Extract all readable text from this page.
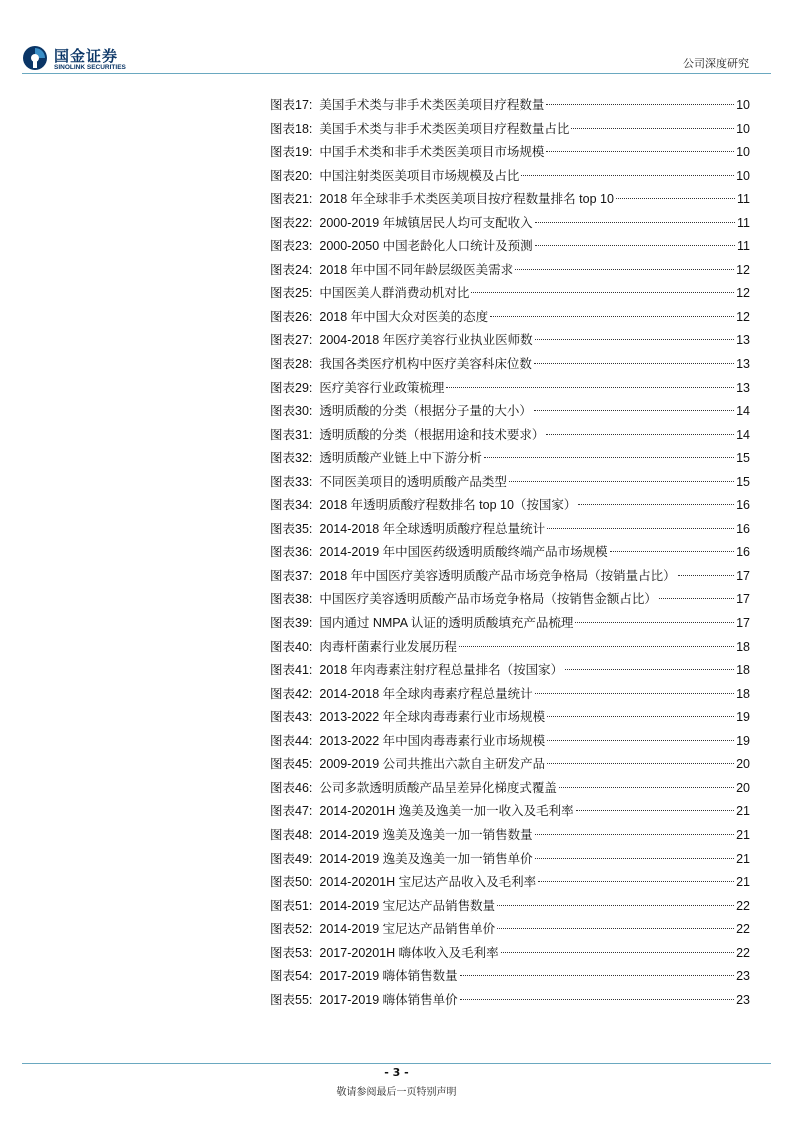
国金证券
SINOLINK SECURITIES	公司深度研究
图表17: 美国手术类与非手术类医美项目疗程数量	10
图表18: 美国手术类与非手术类医美项目疗程数量占比	10
图表19: 中国手术类和非手术类医美项目市场规模	10
图表20: 中国注射类医美项目市场规模及占比	10
图表21: 2018 年全球非手术类医美项目按疗程数量排名 top 10	11
图表22: 2000-2019 年城镇居民人均可支配收入	11
图表23: 2000-2050 中国老龄化人口统计及预测	11
图表24: 2018 年中国不同年龄层级医美需求	12
图表25: 中国医美人群消费动机对比	12
图表26: 2018 年中国大众对医美的态度	12
图表27: 2004-2018 年医疗美容行业执业医师数	13
图表28: 我国各类医疗机构中医疗美容科床位数	13
图表29: 医疗美容行业政策梳理	13
图表30: 透明质酸的分类（根据分子量的大小）	14
图表31: 透明质酸的分类（根据用途和技术要求）	14
图表32: 透明质酸产业链上中下游分析	15
图表33: 不同医美项目的透明质酸产品类型	15
图表34: 2018 年透明质酸疗程数排名 top 10（按国家）	16
图表35: 2014-2018 年全球透明质酸疗程总量统计	16
图表36: 2014-2019 年中国医药级透明质酸终端产品市场规模	16
图表37: 2018 年中国医疗美容透明质酸产品市场竞争格局（按销量占比）	17
图表38: 中国医疗美容透明质酸产品市场竞争格局（按销售金额占比）	17
图表39: 国内通过 NMPA 认证的透明质酸填充产品梳理	17
图表40: 肉毒杆菌素行业发展历程	18
图表41: 2018 年肉毒素注射疗程总量排名（按国家）	18
图表42: 2014-2018 年全球肉毒素疗程总量统计	18
图表43: 2013-2022 年全球肉毒毒素行业市场规模	19
图表44: 2013-2022 年中国肉毒毒素行业市场规模	19
图表45: 2009-2019 公司共推出六款自主研发产品	20
图表46: 公司多款透明质酸产品呈差异化梯度式覆盖	20
图表47: 2014-20201H 逸美及逸美一加一收入及毛利率	21
图表48: 2014-2019 逸美及逸美一加一销售数量	21
图表49: 2014-2019 逸美及逸美一加一销售单价	21
图表50: 2014-20201H 宝尼达产品收入及毛利率	21
图表51: 2014-2019 宝尼达产品销售数量	22
图表52: 2014-2019 宝尼达产品销售单价	22
图表53: 2017-20201H 嗨体收入及毛利率	22
图表54: 2017-2019 嗨体销售数量	23
图表55: 2017-2019 嗨体销售单价	23
- 3 -
敬请参阅最后一页特别声明
